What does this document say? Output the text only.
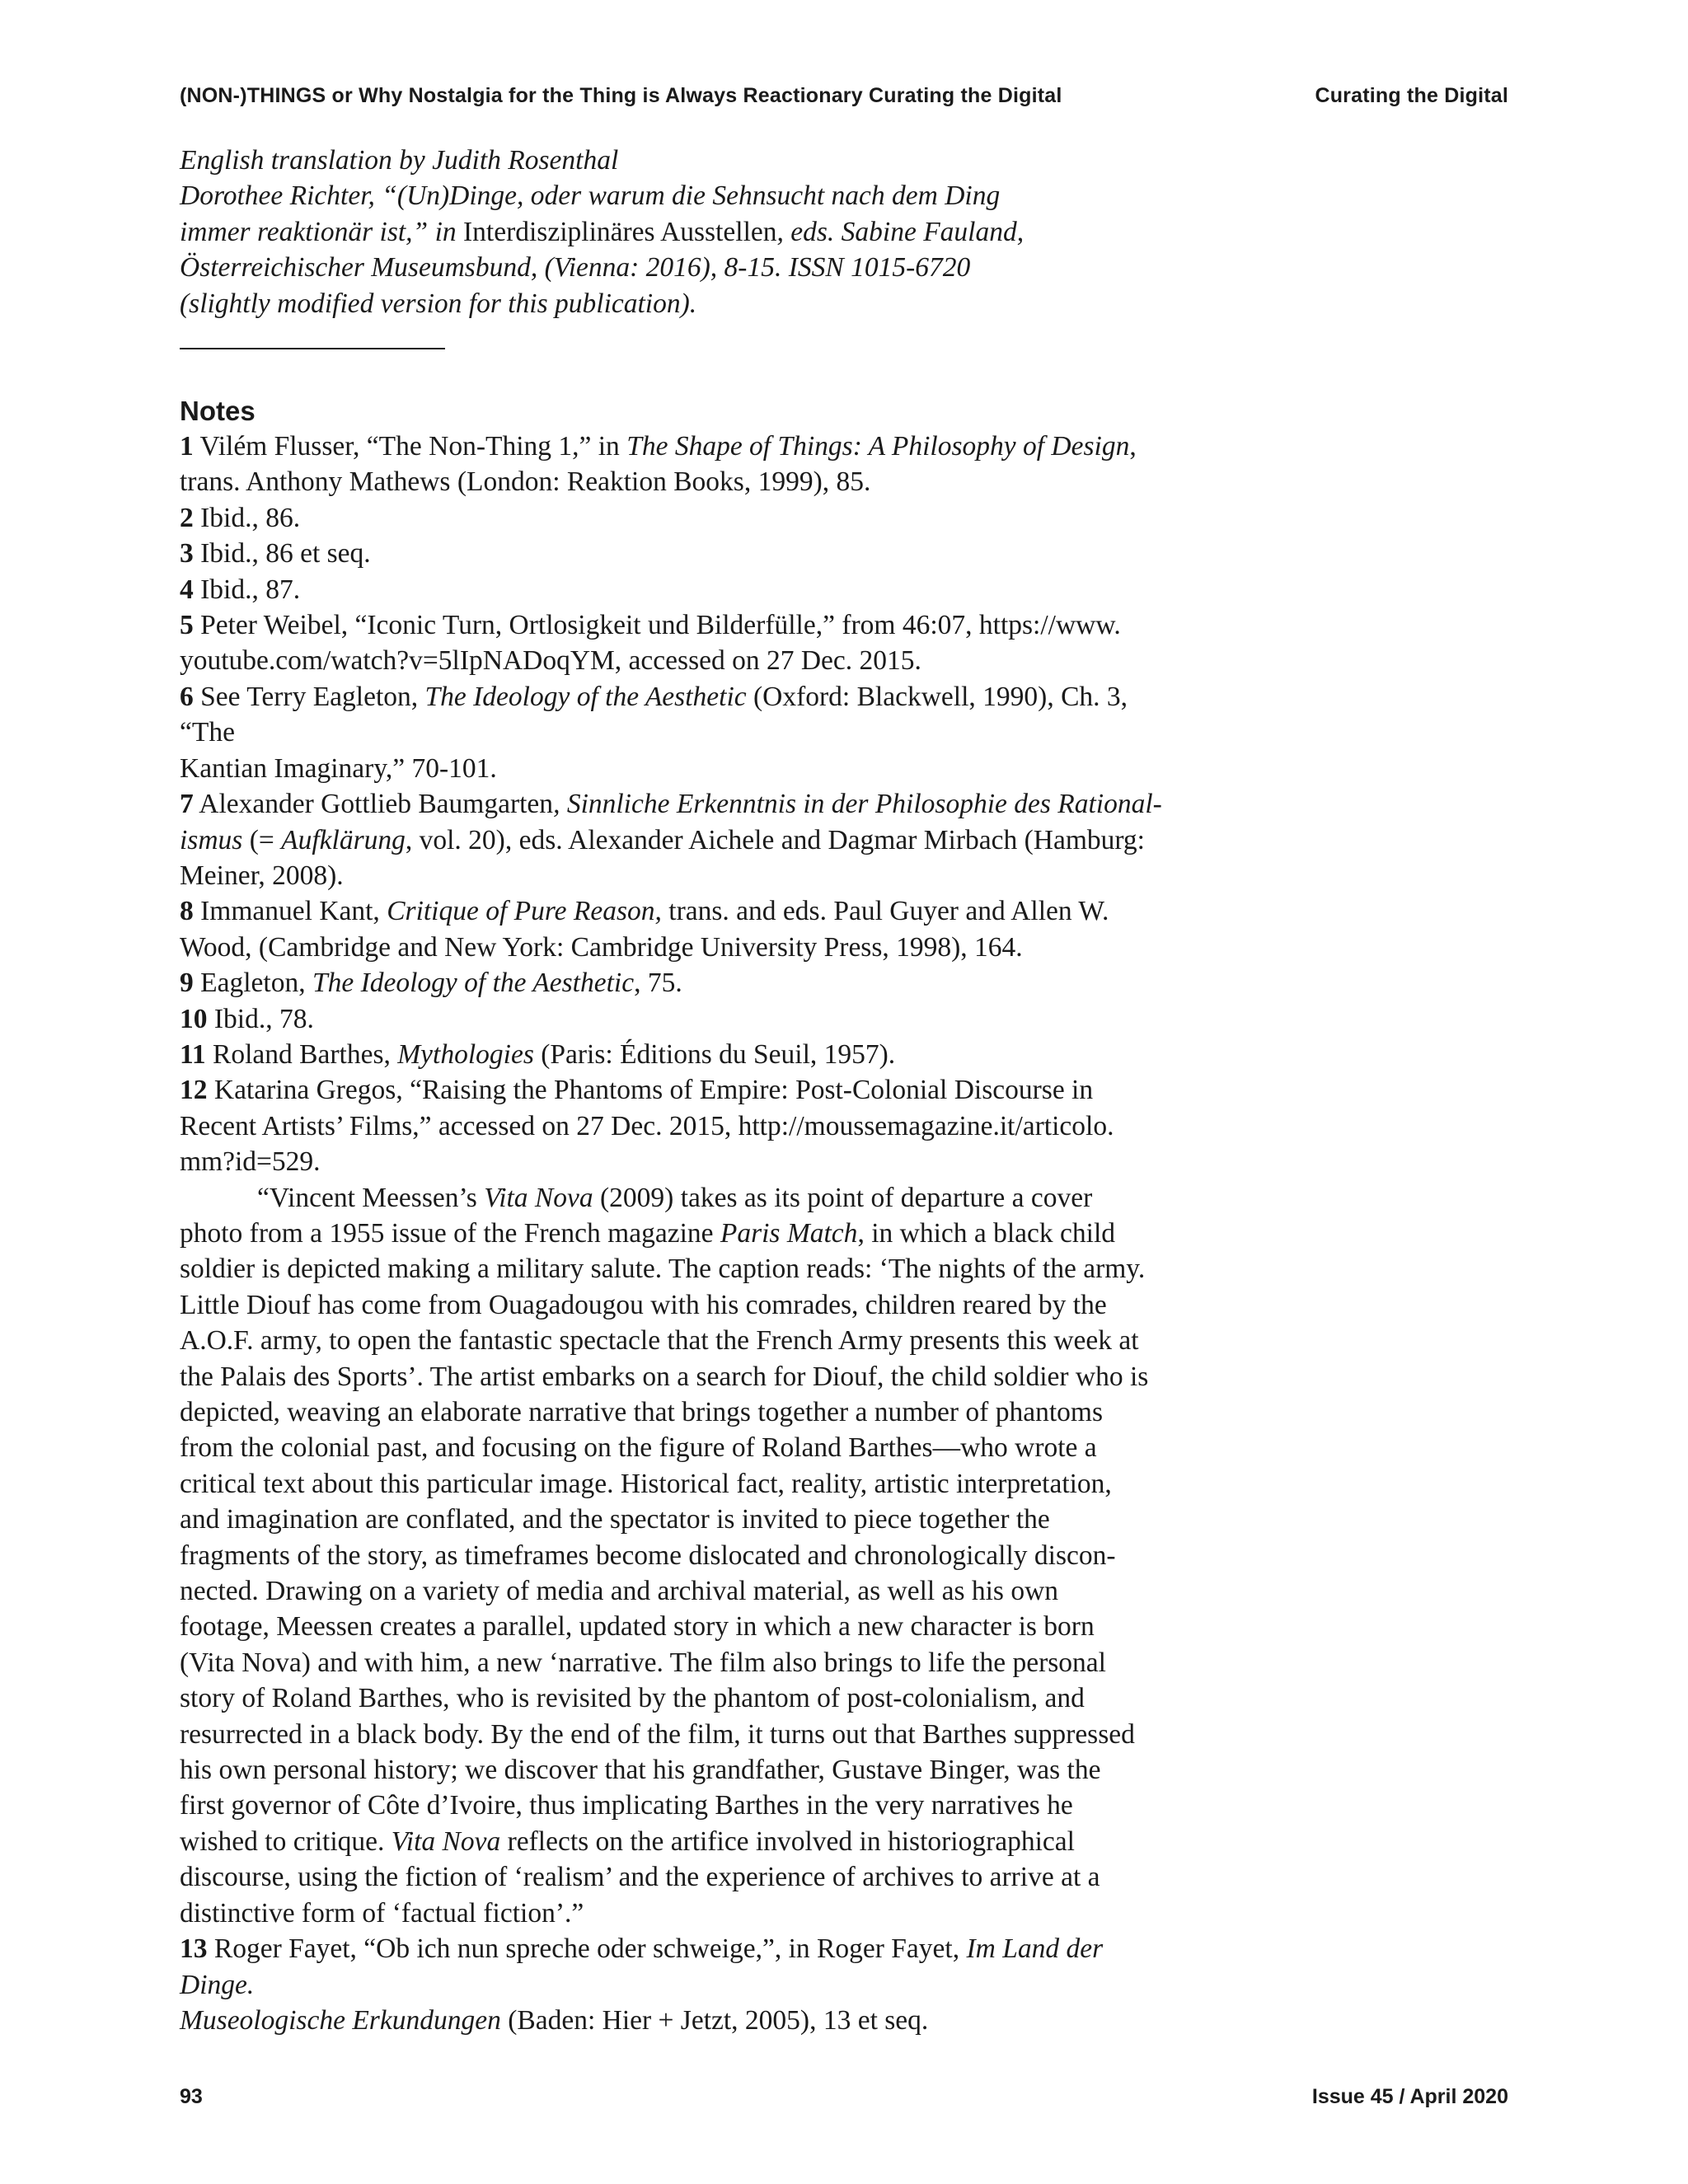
(NON-)THINGS or Why Nostalgia for the Thing is Always Reactionary Curating the Digital	Curating the Digital

English translation by Judith Rosenthal

Dorothee Richter, “(Un)Dinge, oder warum die Sehnsucht nach dem Ding

immer reaktionär ist,” in Interdisziplinäres Ausstellen, eds. Sabine Fauland,

Österreichischer Museumsbund, (Vienna: 2016), 8-15. ISSN 1015-6720

(slightly modified version for this publication).

Notes

1 Vilém Flusser, “The Non-Thing 1,” in The Shape of Things: A Philosophy of Design,
trans. Anthony Mathews (London: Reaktion Books, 1999), 85.

2 Ibid., 86.

3 Ibid., 86 et seq.

4 Ibid., 87.

5 Peter Weibel, “Iconic Turn, Ortlosigkeit und Bilderfülle,” from 46:07, https://www.
youtube.com/watch?v=5lIpNADoqYM, accessed on 27 Dec. 2015.

6 See Terry Eagleton, The Ideology of the Aesthetic (Oxford: Blackwell, 1990), Ch. 3, “The
Kantian Imaginary,” 70-101.

7 Alexander Gottlieb Baumgarten, Sinnliche Erkenntnis in der Philosophie des Rational-
ismus (= Aufklärung, vol. 20), eds. Alexander Aichele and Dagmar Mirbach (Hamburg:
Meiner, 2008).

8 Immanuel Kant, Critique of Pure Reason, trans. and eds. Paul Guyer and Allen W.
Wood, (Cambridge and New York: Cambridge University Press, 1998), 164.

9 Eagleton, The Ideology of the Aesthetic, 75.

10 Ibid., 78.

11 Roland Barthes, Mythologies (Paris: Éditions du Seuil, 1957).

12 Katarina Gregos, “Raising the Phantoms of Empire: Post-Colonial Discourse in
Recent Artists’ Films,” accessed on 27 Dec. 2015, http://moussemagazine.it/articolo.
mm?id=529.

“Vincent Meessen’s Vita Nova (2009) takes as its point of departure a cover
photo from a 1955 issue of the French magazine Paris Match, in which a black child
soldier is depicted making a military salute. The caption reads: ‘The nights of the army.
Little Diouf has come from Ouagadougou with his comrades, children reared by the
A.O.F. army, to open the fantastic spectacle that the French Army presents this week at
the Palais des Sports’. The artist embarks on a search for Diouf, the child soldier who is
depicted, weaving an elaborate narrative that brings together a number of phantoms
from the colonial past, and focusing on the figure of Roland Barthes—who wrote a
critical text about this particular image. Historical fact, reality, artistic interpretation,
and imagination are conflated, and the spectator is invited to piece together the
fragments of the story, as timeframes become dislocated and chronologically discon-
nected. Drawing on a variety of media and archival material, as well as his own
footage, Meessen creates a parallel, updated story in which a new character is born
(Vita Nova) and with him, a new ‘narrative. The film also brings to life the personal
story of Roland Barthes, who is revisited by the phantom of post-colonialism, and
resurrected in a black body. By the end of the film, it turns out that Barthes suppressed
his own personal history; we discover that his grandfather, Gustave Binger, was the
first governor of Côte d’Ivoire, thus implicating Barthes in the very narratives he
wished to critique. Vita Nova reflects on the artifice involved in historiographical
discourse, using the fiction of ‘realism’ and the experience of archives to arrive at a
distinctive form of ‘factual fiction’.”

13 Roger Fayet, “Ob ich nun spreche oder schweige,”, in Roger Fayet, Im Land der Dinge.
Museologische Erkundungen (Baden: Hier + Jetzt, 2005), 13 et seq.

93	Issue 45 / April 2020
